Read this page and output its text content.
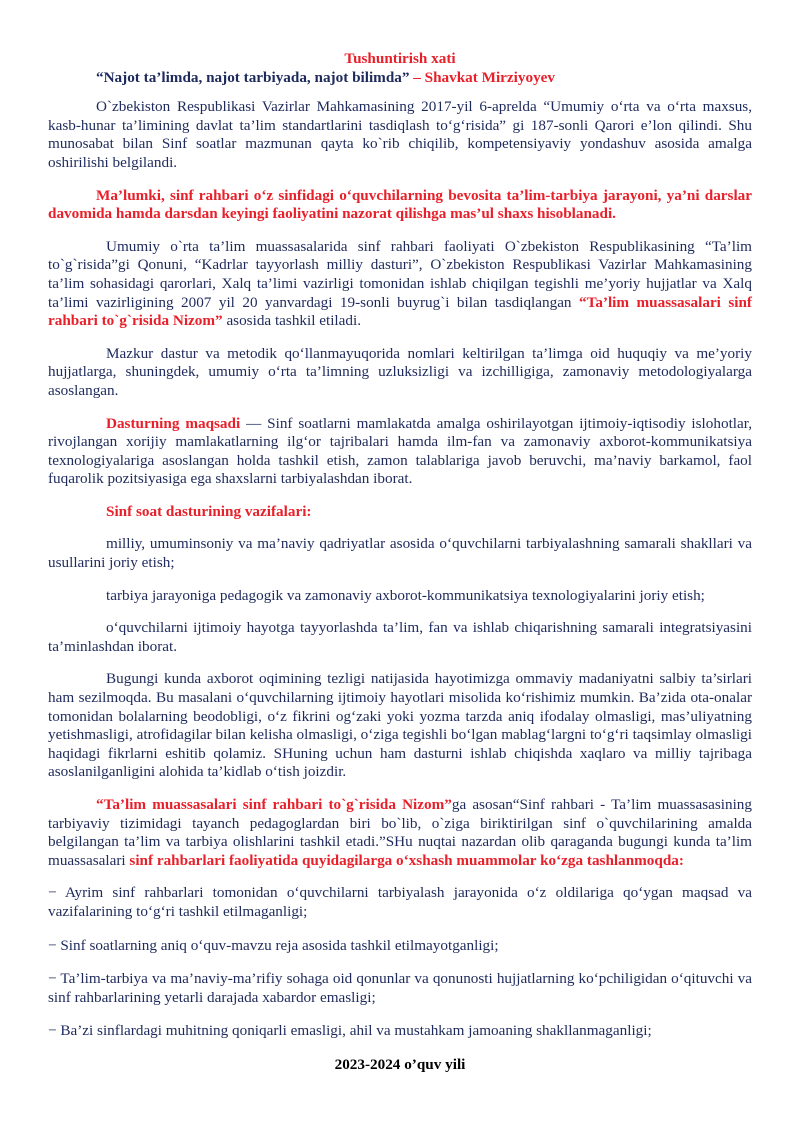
Tushuntirish xati

“Najot ta’limda, najot tarbiyada, najot bilimda” – Shavkat Mirziyoyev

O`zbekiston Respublikasi Vazirlar Mahkamasining 2017-yil 6-aprelda “Umumiy o‘rta va o‘rta maxsus, kasb-hunar ta’limining davlat ta’lim standartlarini tasdiqlash to‘g‘risida” gi 187-sonli Qarori e’lon qilindi. Shu munosabat bilan Sinf soatlar mazmunan qayta ko`rib chiqilib, kompetensiyaviy yondashuv asosida amalga oshirilishi belgilandi.

Ma’lumki, sinf rahbari o‘z sinfidagi o‘quvchilarning bevosita ta’lim-tarbiya jarayoni, ya’ni darslar davomida hamda darsdan keyingi faoliyatini nazorat qilishga mas’ul shaxs hisoblanadi.

Umumiy o`rta ta’lim muassasalarida sinf rahbari faoliyati O`zbekiston Respublikasining “Ta’lim to`g`risida”gi Qonuni, “Kadrlar tayyorlash milliy dasturi”, O`zbekiston Respublikasi Vazirlar Mahkamasining ta’lim sohasidagi qarorlari, Xalq ta’limi vazirligi tomonidan ishlab chiqilgan tegishli me’yoriy hujjatlar va Xalq ta’limi vazirligining 2007 yil 20 yanvardagi 19-sonli buyrug`i bilan tasdiqlangan “Ta’lim muassasalari sinf rahbari to`g`risida Nizom” asosida tashkil etiladi.

Mazkur dastur va metodik qo‘llanmayuqorida nomlari keltirilgan ta’limga oid huquqiy va me’yoriy hujjatlarga, shuningdek, umumiy o‘rta ta’limning uzluksizligi va izchilligiga, zamonaviy metodologiyalarga asoslangan.

Dasturning maqsadi — Sinf soatlarni mamlakatda amalga oshirilayotgan ijtimoiy-iqtisodiy islohotlar, rivojlangan xorijiy mamlakatlarning ilg‘or tajribalari hamda ilm-fan va zamonaviy axborot-kommunikatsiya texnologiyalariga asoslangan holda tashkil etish, zamon talablariga javob beruvchi, ma’naviy barkamol, faol fuqarolik pozitsiyasiga ega shaxslarni tarbiyalashdan iborat.

Sinf soat dasturining vazifalari:

milliy, umuminsoniy va ma’naviy qadriyatlar asosida o‘quvchilarni tarbiyalashning samarali shakllari va usullarini joriy etish;

tarbiya jarayoniga pedagogik va zamonaviy axborot-kommunikatsiya texnologiyalarini joriy etish;

o‘quvchilarni ijtimoiy hayotga tayyorlashda ta’lim, fan va ishlab chiqarishning samarali integratsiyasini ta’minlashdan iborat.

Bugungi kunda axborot oqimining tezligi natijasida hayotimizga ommaviy madaniyatni salbiy ta’sirlari ham sezilmoqda. Bu masalani o‘quvchilarning ijtimoiy hayotlari misolida ko‘rishimiz mumkin. Ba’zida ota-onalar tomonidan bolalarning beodobligi, o‘z fikrini og‘zaki yoki yozma tarzda aniq ifodalay olmasligi, mas’uliyatning yetishmasligi, atrofidagilar bilan kelisha olmasligi, o‘ziga tegishli bo‘lgan mablag‘largni to‘g‘ri taqsimlay olmasligi haqidagi fikrlarni eshitib qolamiz. SHuning uchun ham dasturni ishlab chiqishda xaqlaro va milliy tajribaga asoslanilganligini alohida ta’kidlab o‘tish joizdir.

“Ta’lim muassasalari sinf rahbari to`g`risida Nizom”ga asosan“Sinf rahbari - Ta’lim muassasasining tarbiyaviy tizimidagi tayanch pedagoglardan biri bo`lib, o`ziga biriktirilgan sinf o`quvchilarining amalda belgilangan ta’lim va tarbiya olishlarini tashkil etadi.”SHu nuqtai nazardan olib qaraganda bugungi kunda ta’lim muassasalari sinf rahbarlari faoliyatida quyidagilarga o‘xshash muammolar ko‘zga tashlanmoqda:

− Ayrim sinf rahbarlari tomonidan o‘quvchilarni tarbiyalash jarayonida o‘z oldilariga qo‘ygan maqsad va vazifalarining to‘g‘ri tashkil etilmaganligi;

− Sinf soatlarning aniq o‘quv-mavzu reja asosida tashkil etilmayotganligi;

− Ta’lim-tarbiya va ma’naviy-ma’rifiy sohaga oid qonunlar va qonunosti hujjatlarning ko‘pchiligidan o‘qituvchi va sinf rahbarlarining yetarli darajada xabardor emasligi;

− Ba’zi sinflardagi muhitning qoniqarli emasligi, ahil va mustahkam jamoaning shakllanmaganligi;

2023-2024 o’quv yili
